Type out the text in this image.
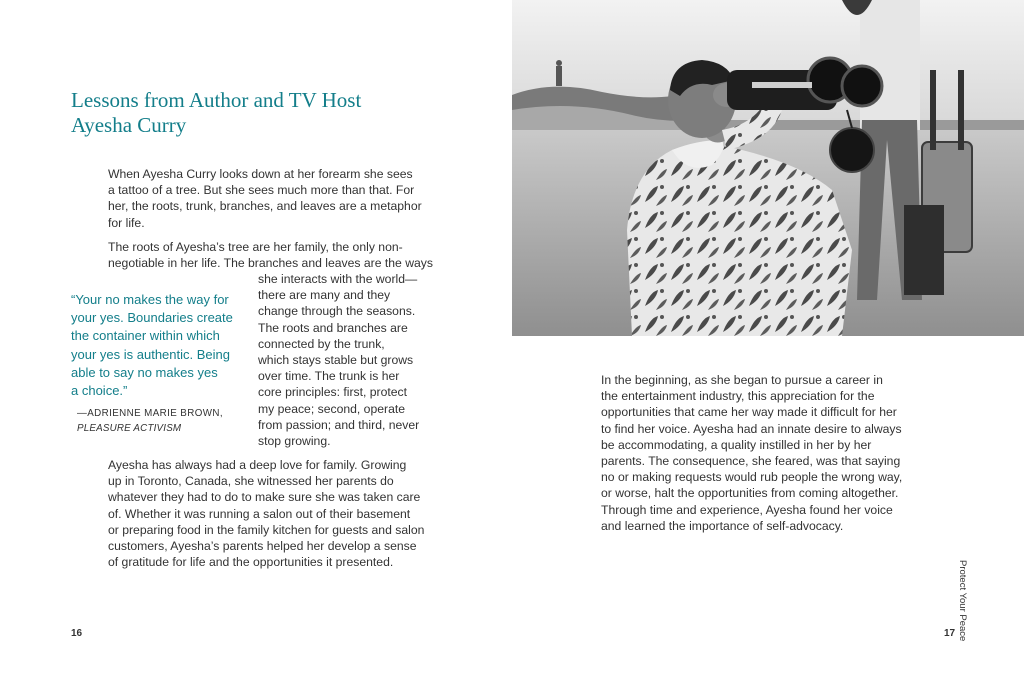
Lessons from Author and TV Host
Ayesha Curry

When Ayesha Curry looks down at her forearm she sees
a tattoo of a tree. But she sees much more than that. For
her, the roots, trunk, branches, and leaves are a metaphor
for life.

The roots of Ayesha’s tree are her family, the only non-
negotiable in her life. The branches and leaves are the ways

she interacts with the world—
there are many and they
change through the seasons.
The roots and branches are
connected by the trunk,
which stays stable but grows
over time. The trunk is her
core principles: first, protect
my peace; second, operate
from passion; and third, never
stop growing.

“Your no makes the way for
your yes. Boundaries create
the container within which
your yes is authentic. Being
able to say no makes yes
a choice.”

—ADRIENNE MARIE BROWN,
PLEASURE ACTIVISM

Ayesha has always had a deep love for family. Growing
up in Toronto, Canada, she witnessed her parents do
whatever they had to do to make sure she was taken care
of. Whether it was running a salon out of their basement
or preparing food in the family kitchen for guests and salon
customers, Ayesha’s parents helped her develop a sense
of gratitude for life and the opportunities it presented.

16

In the beginning, as she began to pursue a career in
the entertainment industry, this appreciation for the
opportunities that came her way made it difficult for her
to find her voice. Ayesha had an innate desire to always
be accommodating, a quality instilled in her by her
parents. The consequence, she feared, was that saying
no or making requests would rub people the wrong way,
or worse, halt the opportunities from coming altogether.
Through time and experience, Ayesha found her voice
and learned the importance of self-advocacy.

Protect Your Peace
17
